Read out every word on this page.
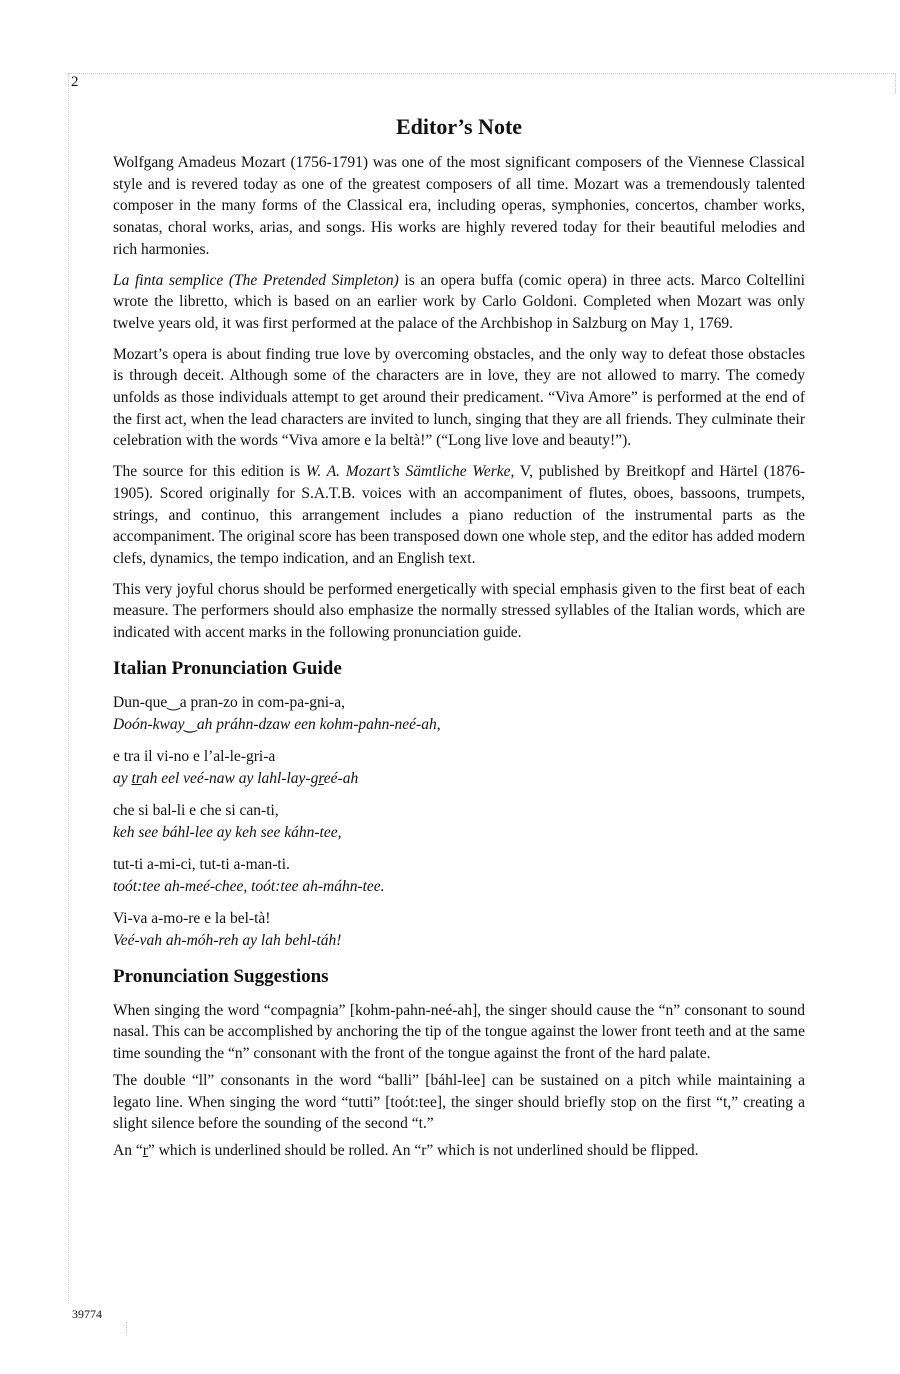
2
Editor’s Note

Wolfgang Amadeus Mozart (1756-1791) was one of the most significant composers of the Viennese Classical style and is revered today as one of the greatest composers of all time. Mozart was a tremendously talented composer in the many forms of the Classical era, including operas, symphonies, concertos, chamber works, sonatas, choral works, arias, and songs. His works are highly revered today for their beautiful melodies and rich harmonies.

La finta semplice (The Pretended Simpleton) is an opera buffa (comic opera) in three acts. Marco Coltellini wrote the libretto, which is based on an earlier work by Carlo Goldoni. Completed when Mozart was only twelve years old, it was first performed at the palace of the Archbishop in Salzburg on May 1, 1769.

Mozart’s opera is about finding true love by overcoming obstacles, and the only way to defeat those obstacles is through deceit. Although some of the characters are in love, they are not allowed to marry. The comedy unfolds as those individuals attempt to get around their predicament. “Viva Amore” is performed at the end of the first act, when the lead characters are invited to lunch, singing that they are all friends. They culminate their celebration with the words “Viva amore e la beltà!” (“Long live love and beauty!”).

The source for this edition is W. A. Mozart’s Sämtliche Werke, V, published by Breitkopf and Härtel (1876-1905). Scored originally for S.A.T.B. voices with an accompaniment of flutes, oboes, bassoons, trumpets, strings, and continuo, this arrangement includes a piano reduction of the instrumental parts as the accompaniment. The original score has been transposed down one whole step, and the editor has added modern clefs, dynamics, the tempo indication, and an English text.

This very joyful chorus should be performed energetically with special emphasis given to the first beat of each measure. The performers should also emphasize the normally stressed syllables of the Italian words, which are indicated with accent marks in the following pronunciation guide.

Italian Pronunciation Guide
Dun-que‿a pran-zo in com-pa-gni-a,
Doón-kway‿ah práhn-dzaw een kohm-pahn-neé-ah,
e tra il vi-no e l’al-le-gri-a
ay trah eel veé-naw ay lahl-lay-greé-ah
che si bal-li e che si can-ti,
keh see báhl-lee ay keh see káhn-tee,
tut-ti a-mi-ci, tut-ti a-man-ti.
toót:tee ah-meé-chee, toót:tee ah-máhn-tee.
Vi-va a-mo-re e la bel-tà!
Veé-vah ah-móh-reh ay lah behl-táh!
Pronunciation Suggestions

When singing the word “compagnia” [kohm-pahn-neé-ah], the singer should cause the “n” consonant to sound nasal. This can be accomplished by anchoring the tip of the tongue against the lower front teeth and at the same time sounding the “n” consonant with the front of the tongue against the front of the hard palate.

The double “ll” consonants in the word “balli” [báhl-lee] can be sustained on a pitch while maintaining a legato line. When singing the word “tutti” [toót:tee], the singer should briefly stop on the first “t,” creating a slight silence before the sounding of the second “t.”

An “r” which is underlined should be rolled. An “r” which is not underlined should be flipped.

39774
